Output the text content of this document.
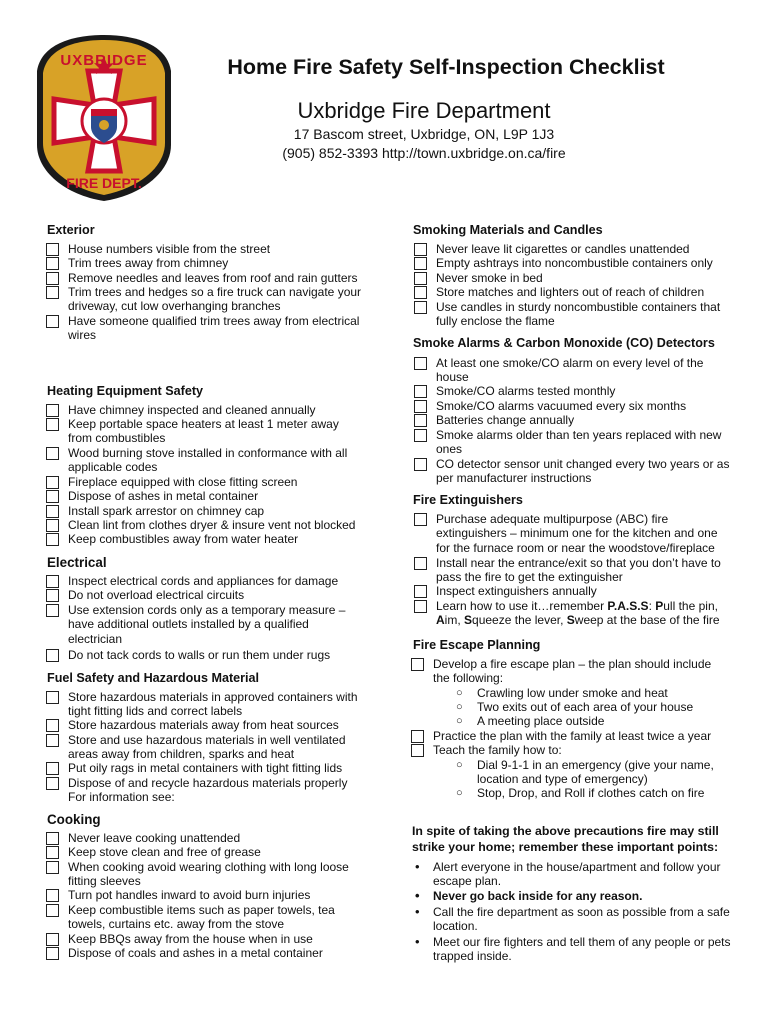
UXBRIDGE
FIRE DEPT.
Home Fire Safety Self-Inspection Checklist
Uxbridge Fire Department
17 Bascom street, Uxbridge, ON, L9P 1J3
(905) 852-3393 http://town.uxbridge.on.ca/fire
Exterior
House numbers visible from the street
Trim trees away from chimney
Remove needles and leaves from roof and rain gutters
Trim trees and hedges so a fire truck can navigate your
driveway, cut low overhanging branches
Have someone qualified trim trees away from electrical
wires
Heating Equipment Safety
Have chimney inspected and cleaned annually
Keep portable space heaters at least 1 meter away
from combustibles
Wood burning stove installed in conformance with all
applicable codes
Fireplace equipped with close fitting screen
Dispose of ashes in metal container
Install spark arrestor on chimney cap
Clean lint from clothes dryer & insure vent not blocked
Keep combustibles away from water heater
Electrical
Inspect electrical cords and appliances for damage
Do not overload electrical circuits
Use extension cords only as a temporary measure –
have additional outlets installed by a qualified
electrician
Do not tack cords to walls or run them under rugs
Fuel Safety and Hazardous Material
Store hazardous materials in approved containers with
tight fitting lids and correct labels
Store hazardous materials away from heat sources
Store and use hazardous materials in well ventilated
areas away from children, sparks and heat
Put oily rags in metal containers with tight fitting lids
Dispose of and recycle hazardous materials properly
For information see:
Cooking
Never leave cooking unattended
Keep stove clean and free of grease
When cooking avoid wearing clothing with long loose
fitting sleeves
Turn pot handles inward to avoid burn injuries
Keep combustible items such as paper towels, tea
towels, curtains etc. away from the stove
Keep BBQs away from the house when in use
Dispose of coals and ashes in a metal container
Smoking Materials and Candles
Never leave lit cigarettes or candles unattended
Empty ashtrays into noncombustible containers only
Never smoke in bed
Store matches and lighters out of reach of children
Use candles in sturdy noncombustible containers that
fully enclose the flame
Smoke Alarms & Carbon Monoxide (CO) Detectors
At least one smoke/CO alarm on every level of the
house
Smoke/CO alarms tested monthly
Smoke/CO alarms vacuumed every six months
Batteries change annually
Smoke alarms older than ten years replaced with new
ones
CO detector sensor unit changed every two years or as
per manufacturer instructions
Fire Extinguishers
Purchase adequate multipurpose (ABC) fire
extinguishers – minimum one for the kitchen and one
for the furnace room or near the woodstove/fireplace
Install near the entrance/exit so that you don’t have to
pass the fire to get the extinguisher
Inspect extinguishers annually
Learn how to use it…remember P.A.S.S: Pull the pin,
Aim, Squeeze the lever, Sweep at the base of the fire
Fire Escape Planning
Develop a fire escape plan – the plan should include
the following:
○ Crawling low under smoke and heat
○ Two exits out of each area of your house
○ A meeting place outside
Practice the plan with the family at least twice a year
Teach the family how to:
○ Dial 9-1-1 in an emergency (give your name,
location and type of emergency)
○ Stop, Drop, and Roll if clothes catch on fire
In spite of taking the above precautions fire may still
strike your home; remember these important points:
• Alert everyone in the house/apartment and follow your
escape plan.
• Never go back inside for any reason.
• Call the fire department as soon as possible from a safe
location.
• Meet our fire fighters and tell them of any people or pets
trapped inside.
